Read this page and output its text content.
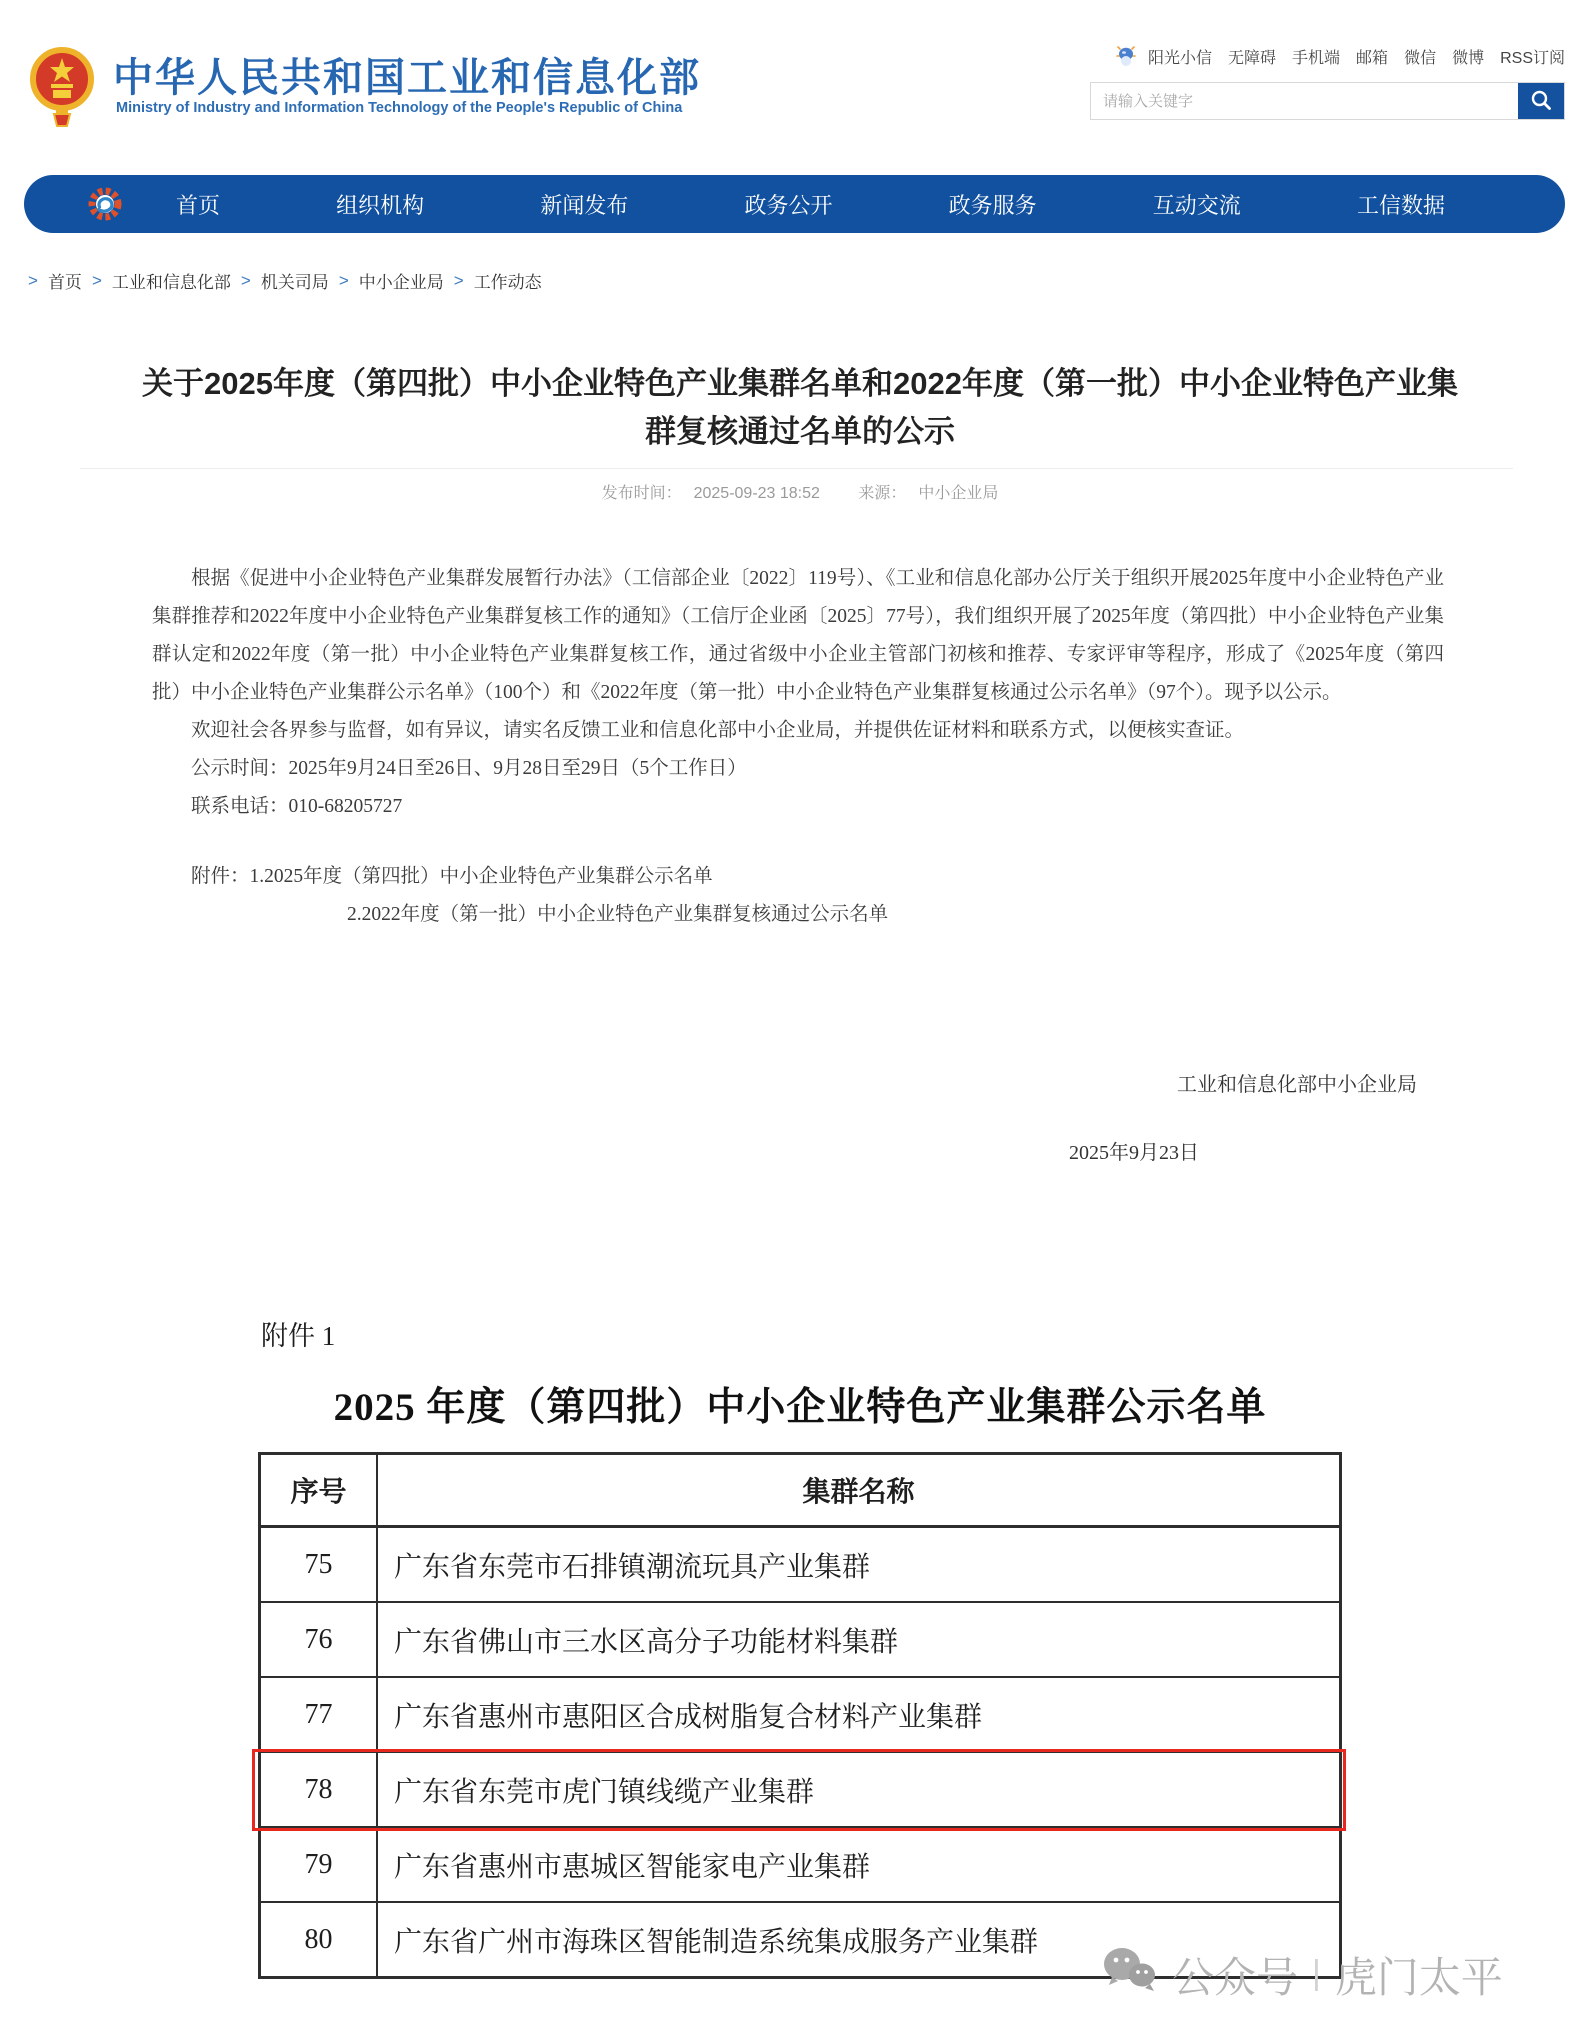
中华人民共和国工业和信息化部
Ministry of Industry and Information Technology of the People's Republic of China
阳光小信 无障碍 手机端 邮箱 微信 微博 RSS订阅
请输入关键字
首页	组织机构	新闻发布	政务公开	政务服务	互动交流	工信数据
> 首页 > 工业和信息化部 > 机关司局 > 中小企业局 > 工作动态
关于2025年度（第四批）中小企业特色产业集群名单和2022年度（第一批）中小企业特色产业集群复核通过名单的公示
发布时间： 2025-09-23 18:52 来源： 中小企业局

根据《促进中小企业特色产业集群发展暂行办法》（工信部企业〔2022〕119号）、《工业和信息化部办公厅关于组织开展2025年度中小企业特色产业集群推荐和2022年度中小企业特色产业集群复核工作的通知》（工信厅企业函〔2025〕77号），我们组织开展了2025年度（第四批）中小企业特色产业集群认定和2022年度（第一批）中小企业特色产业集群复核工作，通过省级中小企业主管部门初核和推荐、专家评审等程序，形成了《2025年度（第四批）中小企业特色产业集群公示名单》（100个）和《2022年度（第一批）中小企业特色产业集群复核通过公示名单》（97个）。现予以公示。

欢迎社会各界参与监督，如有异议，请实名反馈工业和信息化部中小企业局，并提供佐证材料和联系方式，以便核实查证。

公示时间：2025年9月24日至26日、9月28日至29日（5个工作日）

联系电话：010-68205727

附件：1.2025年度（第四批）中小企业特色产业集群公示名单
2.2022年度（第一批）中小企业特色产业集群复核通过公示名单
工业和信息化部中小企业局
2025年9月23日
附件 1
2025 年度（第四批）中小企业特色产业集群公示名单
序号	集群名称
75	广东省东莞市石排镇潮流玩具产业集群
76	广东省佛山市三水区高分子功能材料集群
77	广东省惠州市惠阳区合成树脂复合材料产业集群
78	广东省东莞市虎门镇线缆产业集群
79	广东省惠州市惠城区智能家电产业集群
80	广东省广州市海珠区智能制造系统集成服务产业集群
公众号 | 虎门太平
